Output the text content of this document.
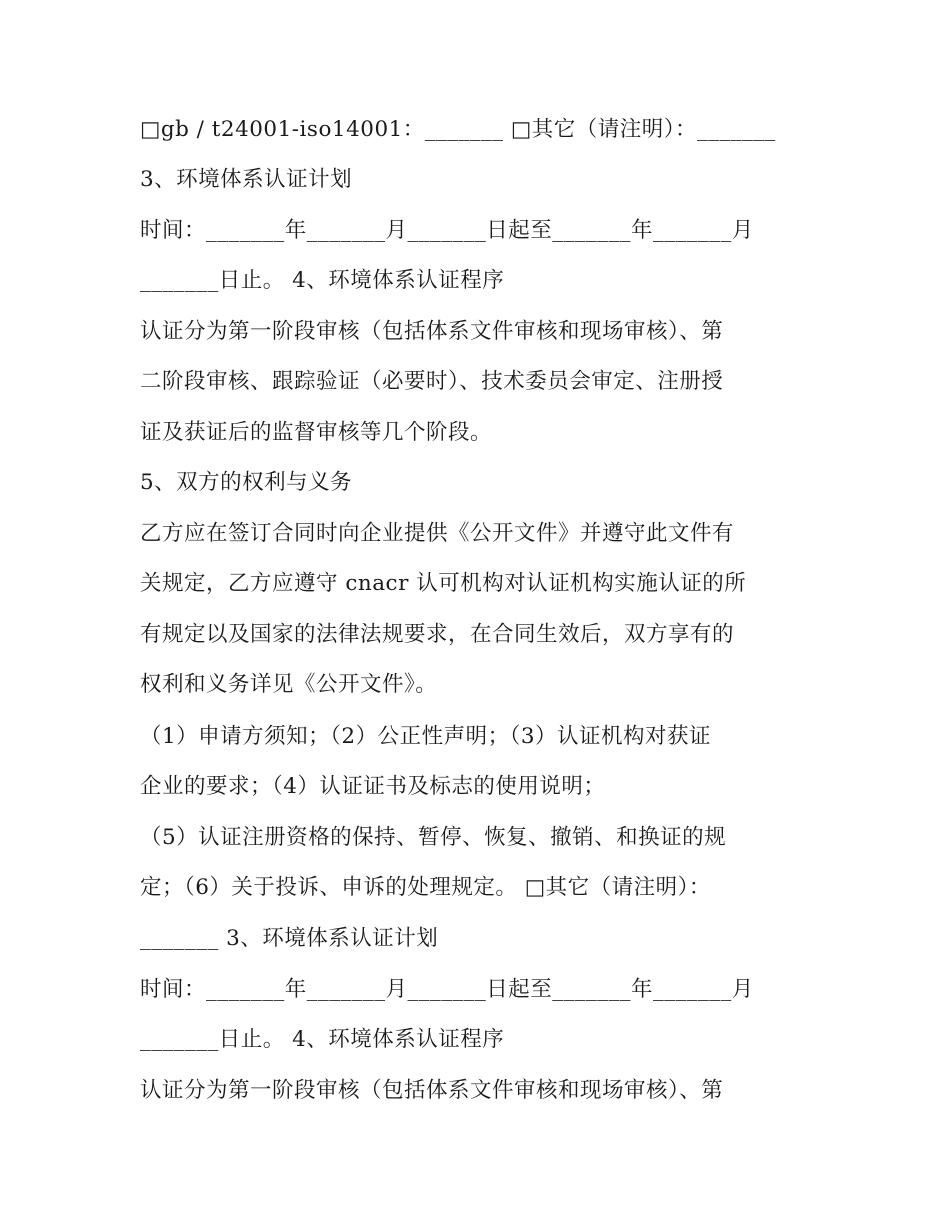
□gb / t24001-iso14001：_______ □其它（请注明）：_______
3、环境体系认证计划
时间：_______年_______月_______日起至_______年_______月
_______日止。 4、环境体系认证程序
认证分为第一阶段审核（包括体系文件审核和现场审核）、第
二阶段审核、跟踪验证（必要时）、技术委员会审定、注册授
证及获证后的监督审核等几个阶段。
5、双方的权利与义务
乙方应在签订合同时向企业提供《公开文件》并遵守此文件有
关规定，乙方应遵守 cnacr 认可机构对认证机构实施认证的所
有规定以及国家的法律法规要求，在合同生效后，双方享有的
权利和义务详见《公开文件》。
（1）申请方须知；（2）公正性声明；（3）认证机构对获证
企业的要求；（4）认证证书及标志的使用说明；
（5）认证注册资格的保持、暂停、恢复、撤销、和换证的规
定；（6）关于投诉、申诉的处理规定。 □其它（请注明）：
_______ 3、环境体系认证计划
时间：_______年_______月_______日起至_______年_______月
_______日止。 4、环境体系认证程序
认证分为第一阶段审核（包括体系文件审核和现场审核）、第
